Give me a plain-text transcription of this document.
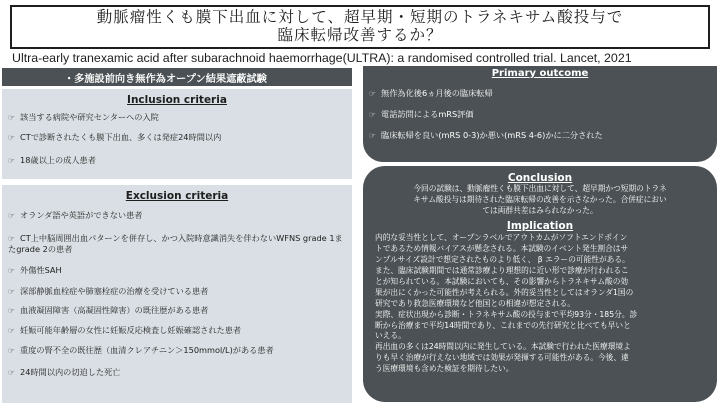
動脈瘤性くも膜下出血に対して、超早期・短期のトラネキサム酸投与で
臨床転帰改善するか？
Ultra-early tranexamic acid after subarachnoid haemorrhage(ULTRA): a randomised controlled trial. Lancet, 2021
・多施設前向き無作為オープン結果遮蔽試験
Inclusion criteria
☞ 該当する病院や研究センターへの入院
☞ CTで診断されたくも膜下出血、多くは発症24時間以内
☞ 18歳以上の成人患者
Exclusion criteria
☞ オランダ語や英語ができない患者
☞ CT上中脳周囲出血パターンを併存し、かつ入院時意識消失を伴わないWFNS grade 1またgrade 2の患者
☞ 外傷性SAH
☞ 深部静脈血栓症や肺塞栓症の治療を受けている患者
☞ 血液凝固障害（高凝固性障害）の既往歴がある患者
☞ 妊娠可能年齢層の女性に妊娠反応検査し妊娠確認された患者
☞ 重度の腎不全の既往歴（血清クレアチニン＞150mmol/L)がある患者
☞ 24時間以内の切迫した死亡
Primary outcome
☞ 無作為化後6ヵ月後の臨床転帰
☞ 電話訪問によるmRS評価
☞ 臨床転帰を良い(mRS 0-3)か悪い(mRS 4-6)かに二分された
Conclusion
今回の試験は、動脈瘤性くも膜下出血に対して、超早期かつ短期のトラネ
キサム酸投与は期待された臨床転帰の改善を示さなかった。合併症におい
ては両群共差はみられなかった。
Implication
内的な妥当性として、オープンラベルでアウトカムがソフトエンドポイン
トであるため情報バイアスが懸念される。本試験のイベント発生割合はサ
ンプルサイズ設計で想定されたものより低く、 β エラーの可能性がある。
また、臨床試験期間では通常診療より理想的に近い形で診療が行われるこ
とが知られている。本試験においても、その影響からトラネキサム酸の効
果が出にくかった可能性が考えられる。外的妥当性としてはオランダ1国の
研究であり救急医療環境など他国との相違が想定される。
実際、症状出現から診断・トラネキサム酸の投与まで平均93分・185分。診
断から治療まで平均14時間であり、これまでの先行研究と比べても早いと
いえる。
再出血の多くは24時間以内に発生している。本試験で行われた医療環境よ
りも早く治療が行えない地域では効果が発揮する可能性がある。今後、違
う医療環境も含めた検証を期待したい。
